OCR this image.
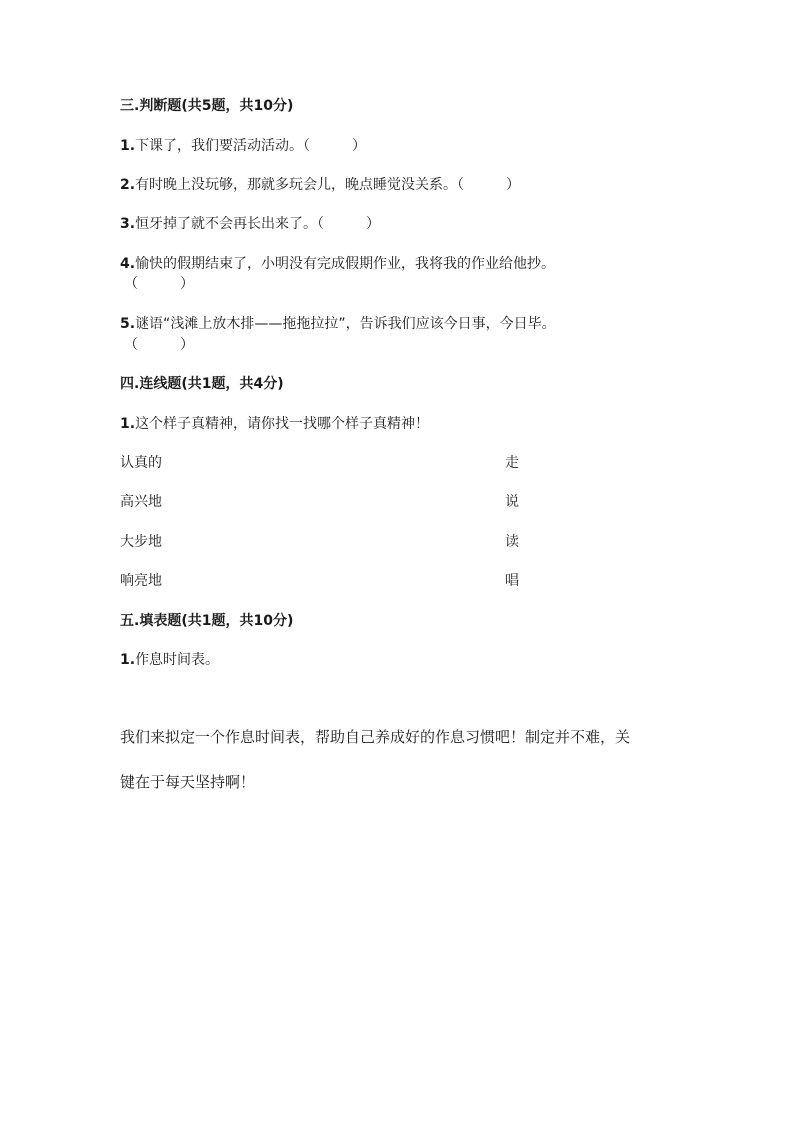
三.判断题(共5题，共10分)
1.下课了，我们要活动活动。（　　　）
2.有时晚上没玩够，那就多玩会儿，晚点睡觉没关系。（　　　）
3.恒牙掉了就不会再长出来了。（　　　）
4.愉快的假期结束了，小明没有完成假期作业，我将我的作业给他抄。
（　　　）
5.谜语“浅滩上放木排——拖拖拉拉”，告诉我们应该今日事，今日毕。
（　　　）
四.连线题(共1题，共4分)
1.这个样子真精神，请你找一找哪个样子真精神！
认真的	走
高兴地	说
大步地	读
响亮地	唱
五.填表题(共1题，共10分)
1.作息时间表。
我们来拟定一个作息时间表，帮助自己养成好的作息习惯吧！制定并不难，关
键在于每天坚持啊！
